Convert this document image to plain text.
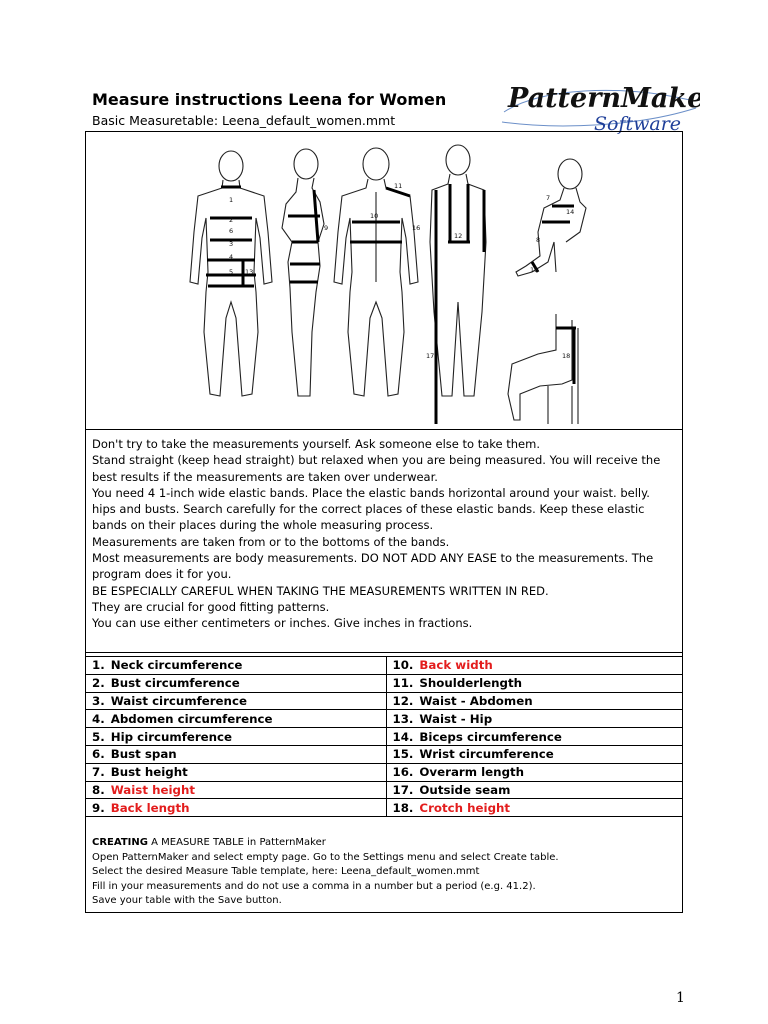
Measure instructions Leena for Women
Basic Measuretable: Leena_default_women.mmt
PatternMaker
Software
1
2
3
4
5 13
6
7
8
9
10
11
12
14
15
16
17	18

Don't try to take the measurements yourself. Ask someone else to take them.

Stand straight (keep head straight) but relaxed when you are being measured. You will receive the best results if the measurements are taken over underwear.

You need 4 1-inch wide elastic bands. Place the elastic bands horizontal around your waist. belly. hips and busts. Search carefully for the correct places of these elastic bands. Keep these elastic bands on their places during the whole measuring process.

Measurements are taken from or to the bottoms of the bands.

Most measurements are body measurements. DO NOT ADD ANY EASE to the measurements. The program does it for you.

BE ESPECIALLY CAREFUL WHEN TAKING THE MEASUREMENTS WRITTEN IN RED.

They are crucial for good fitting patterns.

You can use either centimeters or inches. Give inches in fractions.

1. Neck circumference	10. Back width
2. Bust circumference	11. Shoulderlength
3. Waist circumference	12. Waist - Abdomen
4. Abdomen circumference	13. Waist - Hip
5. Hip circumference	14. Biceps circumference
6. Bust span	15. Wrist circumference
7. Bust height	16. Overarm length
8. Waist height	17. Outside seam
9. Back length	18. Crotch height

CREATING A MEASURE TABLE in PatternMaker

Open PatternMaker and select empty page. Go to the Settings menu and select Create table.

Select the desired Measure Table template, here: Leena_default_women.mmt

Fill in your measurements and do not use a comma in a number but a period (e.g. 41.2).

Save your table with the Save button.

1
